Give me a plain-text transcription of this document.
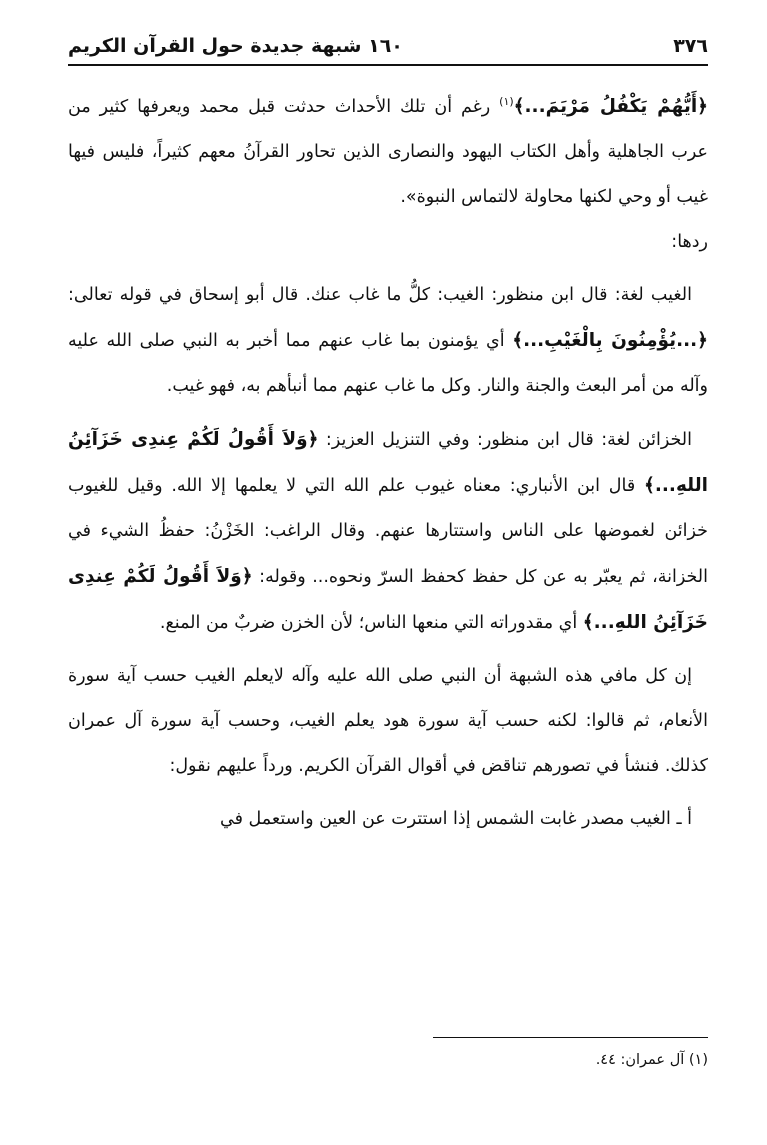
٣٧٦
١٦٠ شبهة جديدة حول القرآن الكريم

﴿أَيُّهُمْ يَكْفُلُ مَرْيَمَ...﴾$^{(١)}$ رغم أن تلك الأحداث حدثت قبل محمد ويعرفها كثير من عرب الجاهلية وأهل الكتاب اليهود والنصارى الذين تحاور القرآنُ معهم كثيراً، فليس فيها غيب أو وحي لكنها محاولة لالتماس النبوة».

ردها:

الغيب لغة: قال ابن منظور: الغيب: كلُّ ما غاب عنك. قال أبو إسحاق في قوله تعالى: ﴿...يُؤْمِنُونَ بِالْغَيْبِ...﴾ أي يؤمنون بما غاب عنهم مما أخبر به النبي صلى الله عليه وآله من أمر البعث والجنة والنار. وكل ما غاب عنهم مما أنبأهم به، فهو غيب.

الخزائن لغة: قال ابن منظور: وفي التنزيل العزيز: ﴿وَلاَ أَقُولُ لَكُمْ عِندِى خَزَآئِنُ اللهِ...﴾ قال ابن الأنباري: معناه غيوب علم الله التي لا يعلمها إلا الله. وقيل للغيوب خزائن لغموضها على الناس واستتارها عنهم. وقال الراغب: الخَزْنُ: حفظُ الشيء في الخزانة، ثم يعبّر به عن كل حفظ كحفظ السرّ ونحوه... وقوله: ﴿وَلاَ أَقُولُ لَكُمْ عِندِى خَزَآئِنُ اللهِ...﴾ أي مقدوراته التي منعها الناس؛ لأن الخزن ضربٌ من المنع.

إن كل مافي هذه الشبهة أن النبي صلى الله عليه وآله لايعلم الغيب حسب آية سورة الأنعام، ثم قالوا: لكنه حسب آية سورة هود يعلم الغيب، وحسب آية سورة آل عمران كذلك. فنشأ في تصورهم تناقض في أقوال القرآن الكريم. ورداً عليهم نقول:

أ ـ الغيب مصدر غابت الشمس إذا استترت عن العين واستعمل في

(١) آل عمران: ٤٤.
